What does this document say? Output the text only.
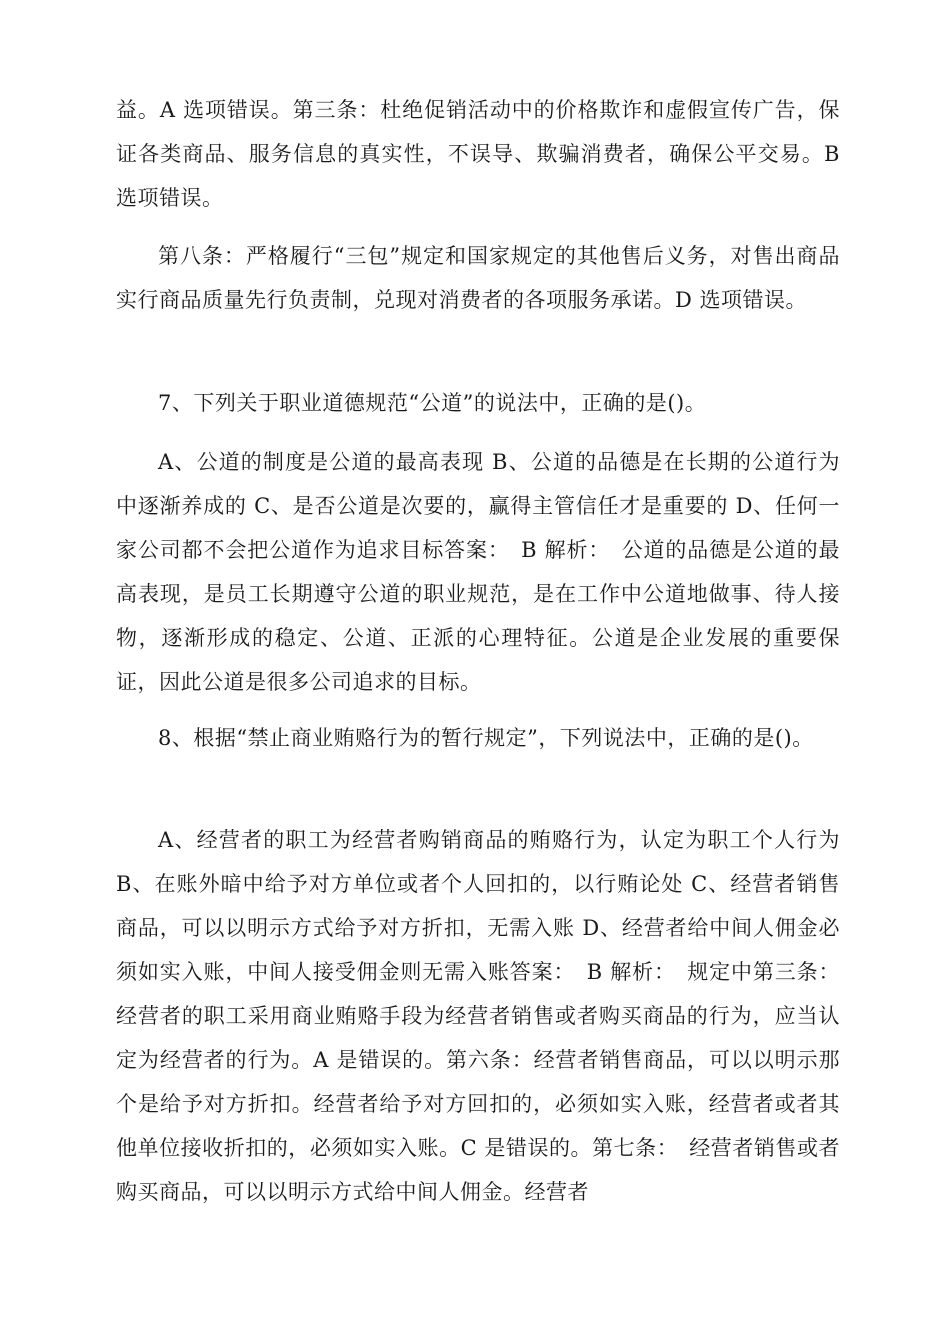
益。A 选项错误。第三条：杜绝促销活动中的价格欺诈和虚假宣传广告，保证各类商品、服务信息的真实性，不误导、欺骗消费者，确保公平交易。B 选项错误。

第八条：严格履行“三包”规定和国家规定的其他售后义务，对售出商品实行商品质量先行负责制，兑现对消费者的各项服务承诺。D 选项错误。

7、下列关于职业道德规范“公道”的说法中，正确的是()。

A、公道的制度是公道的最高表现 B、公道的品德是在长期的公道行为中逐渐养成的 C、是否公道是次要的，赢得主管信任才是重要的 D、任何一家公司都不会把公道作为追求目标答案：　B 解析：　公道的品德是公道的最高表现，是员工长期遵守公道的职业规范，是在工作中公道地做事、待人接物，逐渐形成的稳定、公道、正派的心理特征。公道是企业发展的重要保证，因此公道是很多公司追求的目标。

8、根据“禁止商业贿赂行为的暂行规定”，下列说法中，正确的是()。

A、经营者的职工为经营者购销商品的贿赂行为，认定为职工个人行为 B、在账外暗中给予对方单位或者个人回扣的，以行贿论处 C、经营者销售商品，可以以明示方式给予对方折扣，无需入账 D、经营者给中间人佣金必须如实入账，中间人接受佣金则无需入账答案：　B 解析：　规定中第三条：经营者的职工采用商业贿赂手段为经营者销售或者购买商品的行为，应当认定为经营者的行为。A 是错误的。第六条：经营者销售商品，可以以明示那个是给予对方折扣。经营者给予对方回扣的，必须如实入账，经营者或者其他单位接收折扣的，必须如实入账。C 是错误的。第七条：　经营者销售或者购买商品，可以以明示方式给中间人佣金。经营者
